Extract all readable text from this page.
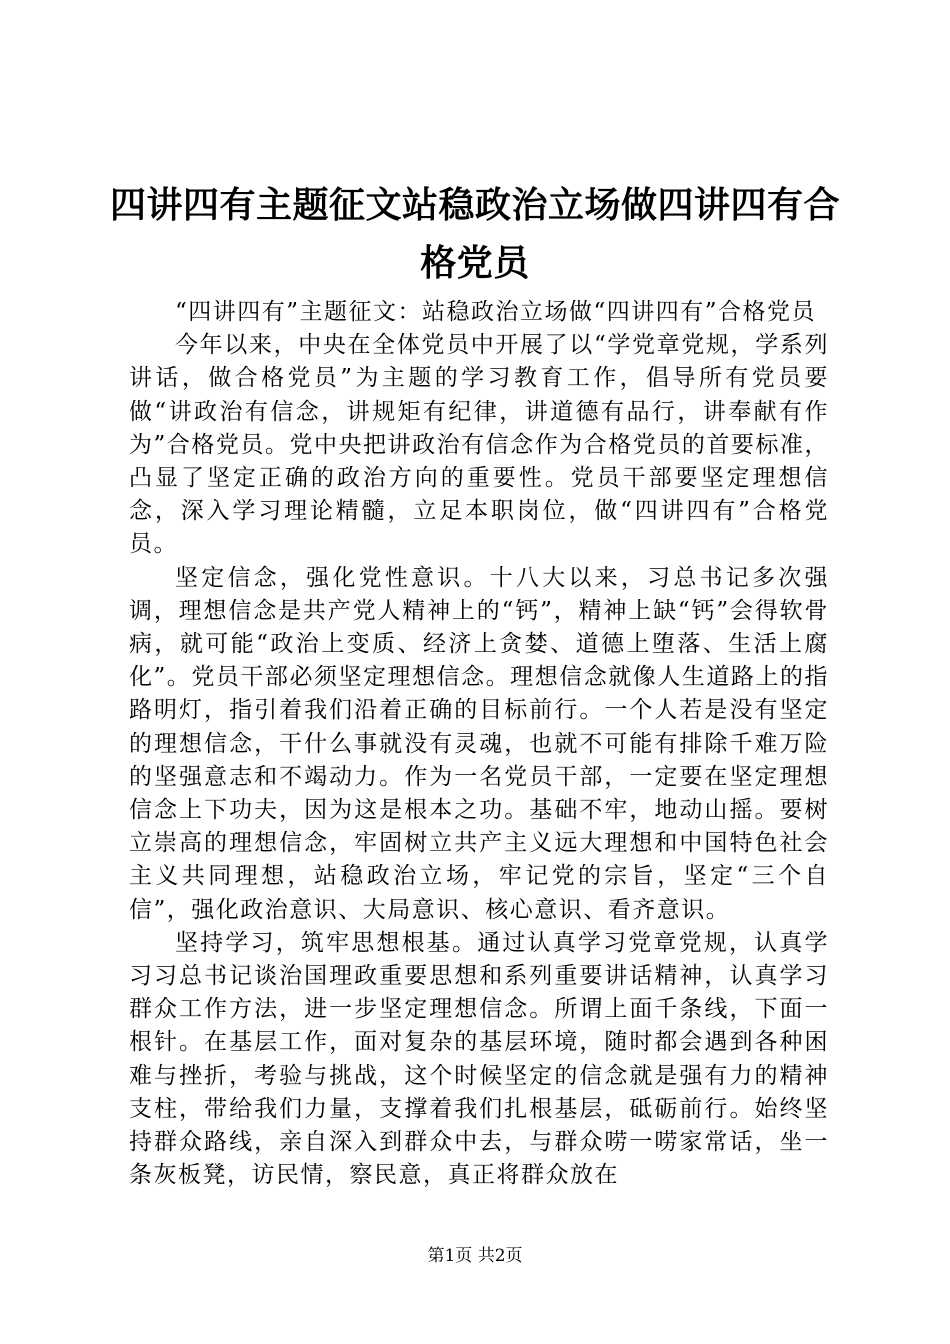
四讲四有主题征文站稳政治立场做四讲四有合格党员

“四讲四有”主题征文：站稳政治立场做“四讲四有”合格党员

今年以来，中央在全体党员中开展了以“学党章党规，学系列讲话，做合格党员”为主题的学习教育工作，倡导所有党员要做“讲政治有信念，讲规矩有纪律，讲道德有品行，讲奉献有作为”合格党员。党中央把讲政治有信念作为合格党员的首要标准，凸显了坚定正确的政治方向的重要性。党员干部要坚定理想信念，深入学习理论精髓，立足本职岗位，做“四讲四有”合格党员。

坚定信念，强化党性意识。十八大以来，习总书记多次强调，理想信念是共产党人精神上的“钙”，精神上缺“钙”会得软骨病，就可能“政治上变质、经济上贪婪、道德上堕落、生活上腐化”。党员干部必须坚定理想信念。理想信念就像人生道路上的指路明灯，指引着我们沿着正确的目标前行。一个人若是没有坚定的理想信念，干什么事就没有灵魂，也就不可能有排除千难万险的坚强意志和不竭动力。作为一名党员干部，一定要在坚定理想信念上下功夫，因为这是根本之功。基础不牢，地动山摇。要树立崇高的理想信念，牢固树立共产主义远大理想和中国特色社会主义共同理想，站稳政治立场，牢记党的宗旨，坚定“三个自信”，强化政治意识、大局意识、核心意识、看齐意识。

坚持学习，筑牢思想根基。通过认真学习党章党规，认真学习习总书记谈治国理政重要思想和系列重要讲话精神，认真学习群众工作方法，进一步坚定理想信念。所谓上面千条线，下面一根针。在基层工作，面对复杂的基层环境，随时都会遇到各种困难与挫折，考验与挑战，这个时候坚定的信念就是强有力的精神支柱，带给我们力量，支撑着我们扎根基层，砥砺前行。始终坚持群众路线，亲自深入到群众中去，与群众唠一唠家常话，坐一条灰板凳，访民情，察民意，真正将群众放在

第1页 共2页
